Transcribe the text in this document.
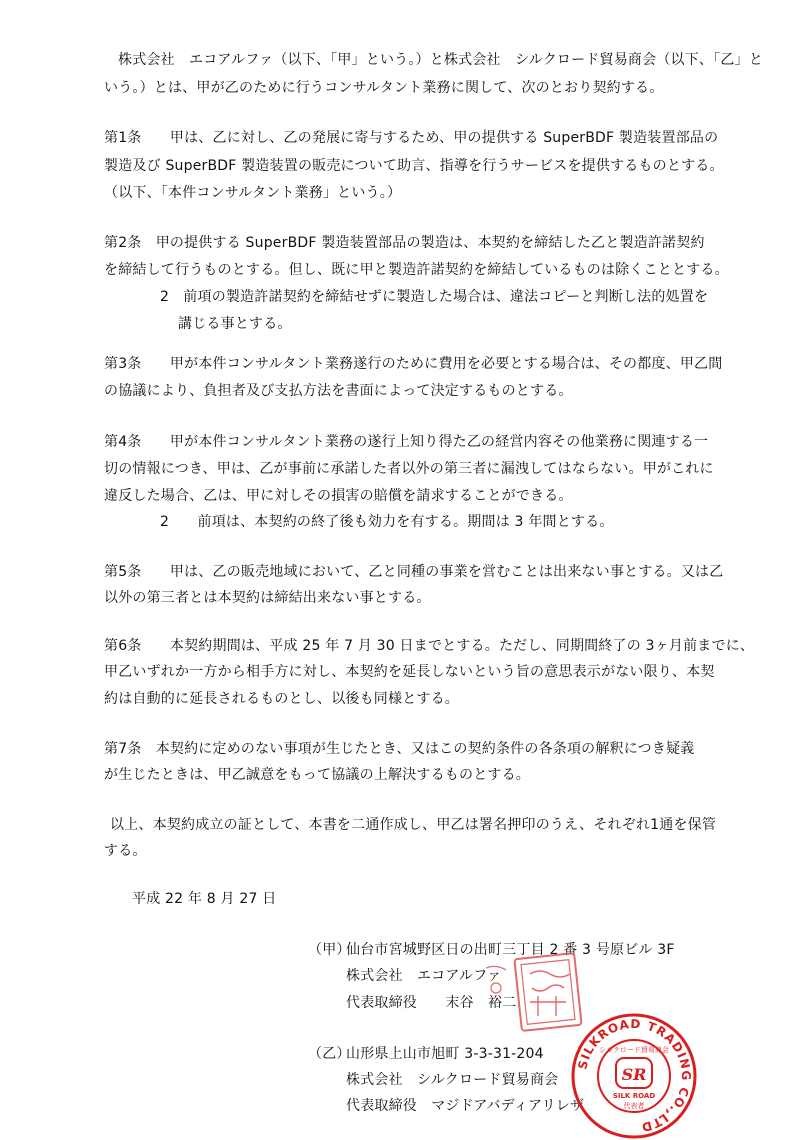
株式会社　エコアルファ（以下、「甲」という。）と株式会社　シルクロード貿易商会（以下、「乙」と
いう。）とは、甲が乙のために行うコンサルタント業務に関して、次のとおり契約する。
第1条　　甲は、乙に対し、乙の発展に寄与するため、甲の提供する SuperBDF 製造装置部品の
製造及び SuperBDF 製造装置の販売について助言、指導を行うサービスを提供するものとする。
（以下、「本件コンサルタント業務」という。）
第2条　甲の提供する SuperBDF 製造装置部品の製造は、本契約を締結した乙と製造許諾契約
を締結して行うものとする。但し、既に甲と製造許諾契約を締結しているものは除くこととする。
2　前項の製造許諾契約を締結せずに製造した場合は、違法コピーと判断し法的処置を
講じる事とする。
第3条　　甲が本件コンサルタント業務遂行のために費用を必要とする場合は、その都度、甲乙間
の協議により、負担者及び支払方法を書面によって決定するものとする。
第4条　　甲が本件コンサルタント業務の遂行上知り得た乙の経営内容その他業務に関連する一
切の情報につき、甲は、乙が事前に承諾した者以外の第三者に漏洩してはならない。甲がこれに
違反した場合、乙は、甲に対しその損害の賠償を請求することができる。
2　　前項は、本契約の終了後も効力を有する。期間は 3 年間とする。
第5条　　甲は、乙の販売地域において、乙と同種の事業を営むことは出来ない事とする。又は乙
以外の第三者とは本契約は締結出来ない事とする。
第6条　　本契約期間は、平成 25 年 7 月 30 日までとする。ただし、同期間終了の 3ヶ月前までに、
甲乙いずれか一方から相手方に対し、本契約を延長しないという旨の意思表示がない限り、本契
約は自動的に延長されるものとし、以後も同様とする。
第7条　本契約に定めのない事項が生じたとき、又はこの契約条件の各条項の解釈につき疑義
が生じたときは、甲乙誠意をもって協議の上解決するものとする。
以上、本契約成立の証として、本書を二通作成し、甲乙は署名押印のうえ、それぞれ1通を保管
する。
平成 22 年 8 月 27 日
（甲）
仙台市宮城野区日の出町三丁目 2 番 3 号原ビル 3F
株式会社　エコアルファ
代表取締役　　末谷　裕二
（乙）
山形県上山市旭町 3-3-31-204
株式会社　シルクロード貿易商会
代表取締役　マジドアバディアリレザ
SILKROAD TRADING CO.,LTD
シルクロード貿易商会
SR
SILK ROAD
代表者
